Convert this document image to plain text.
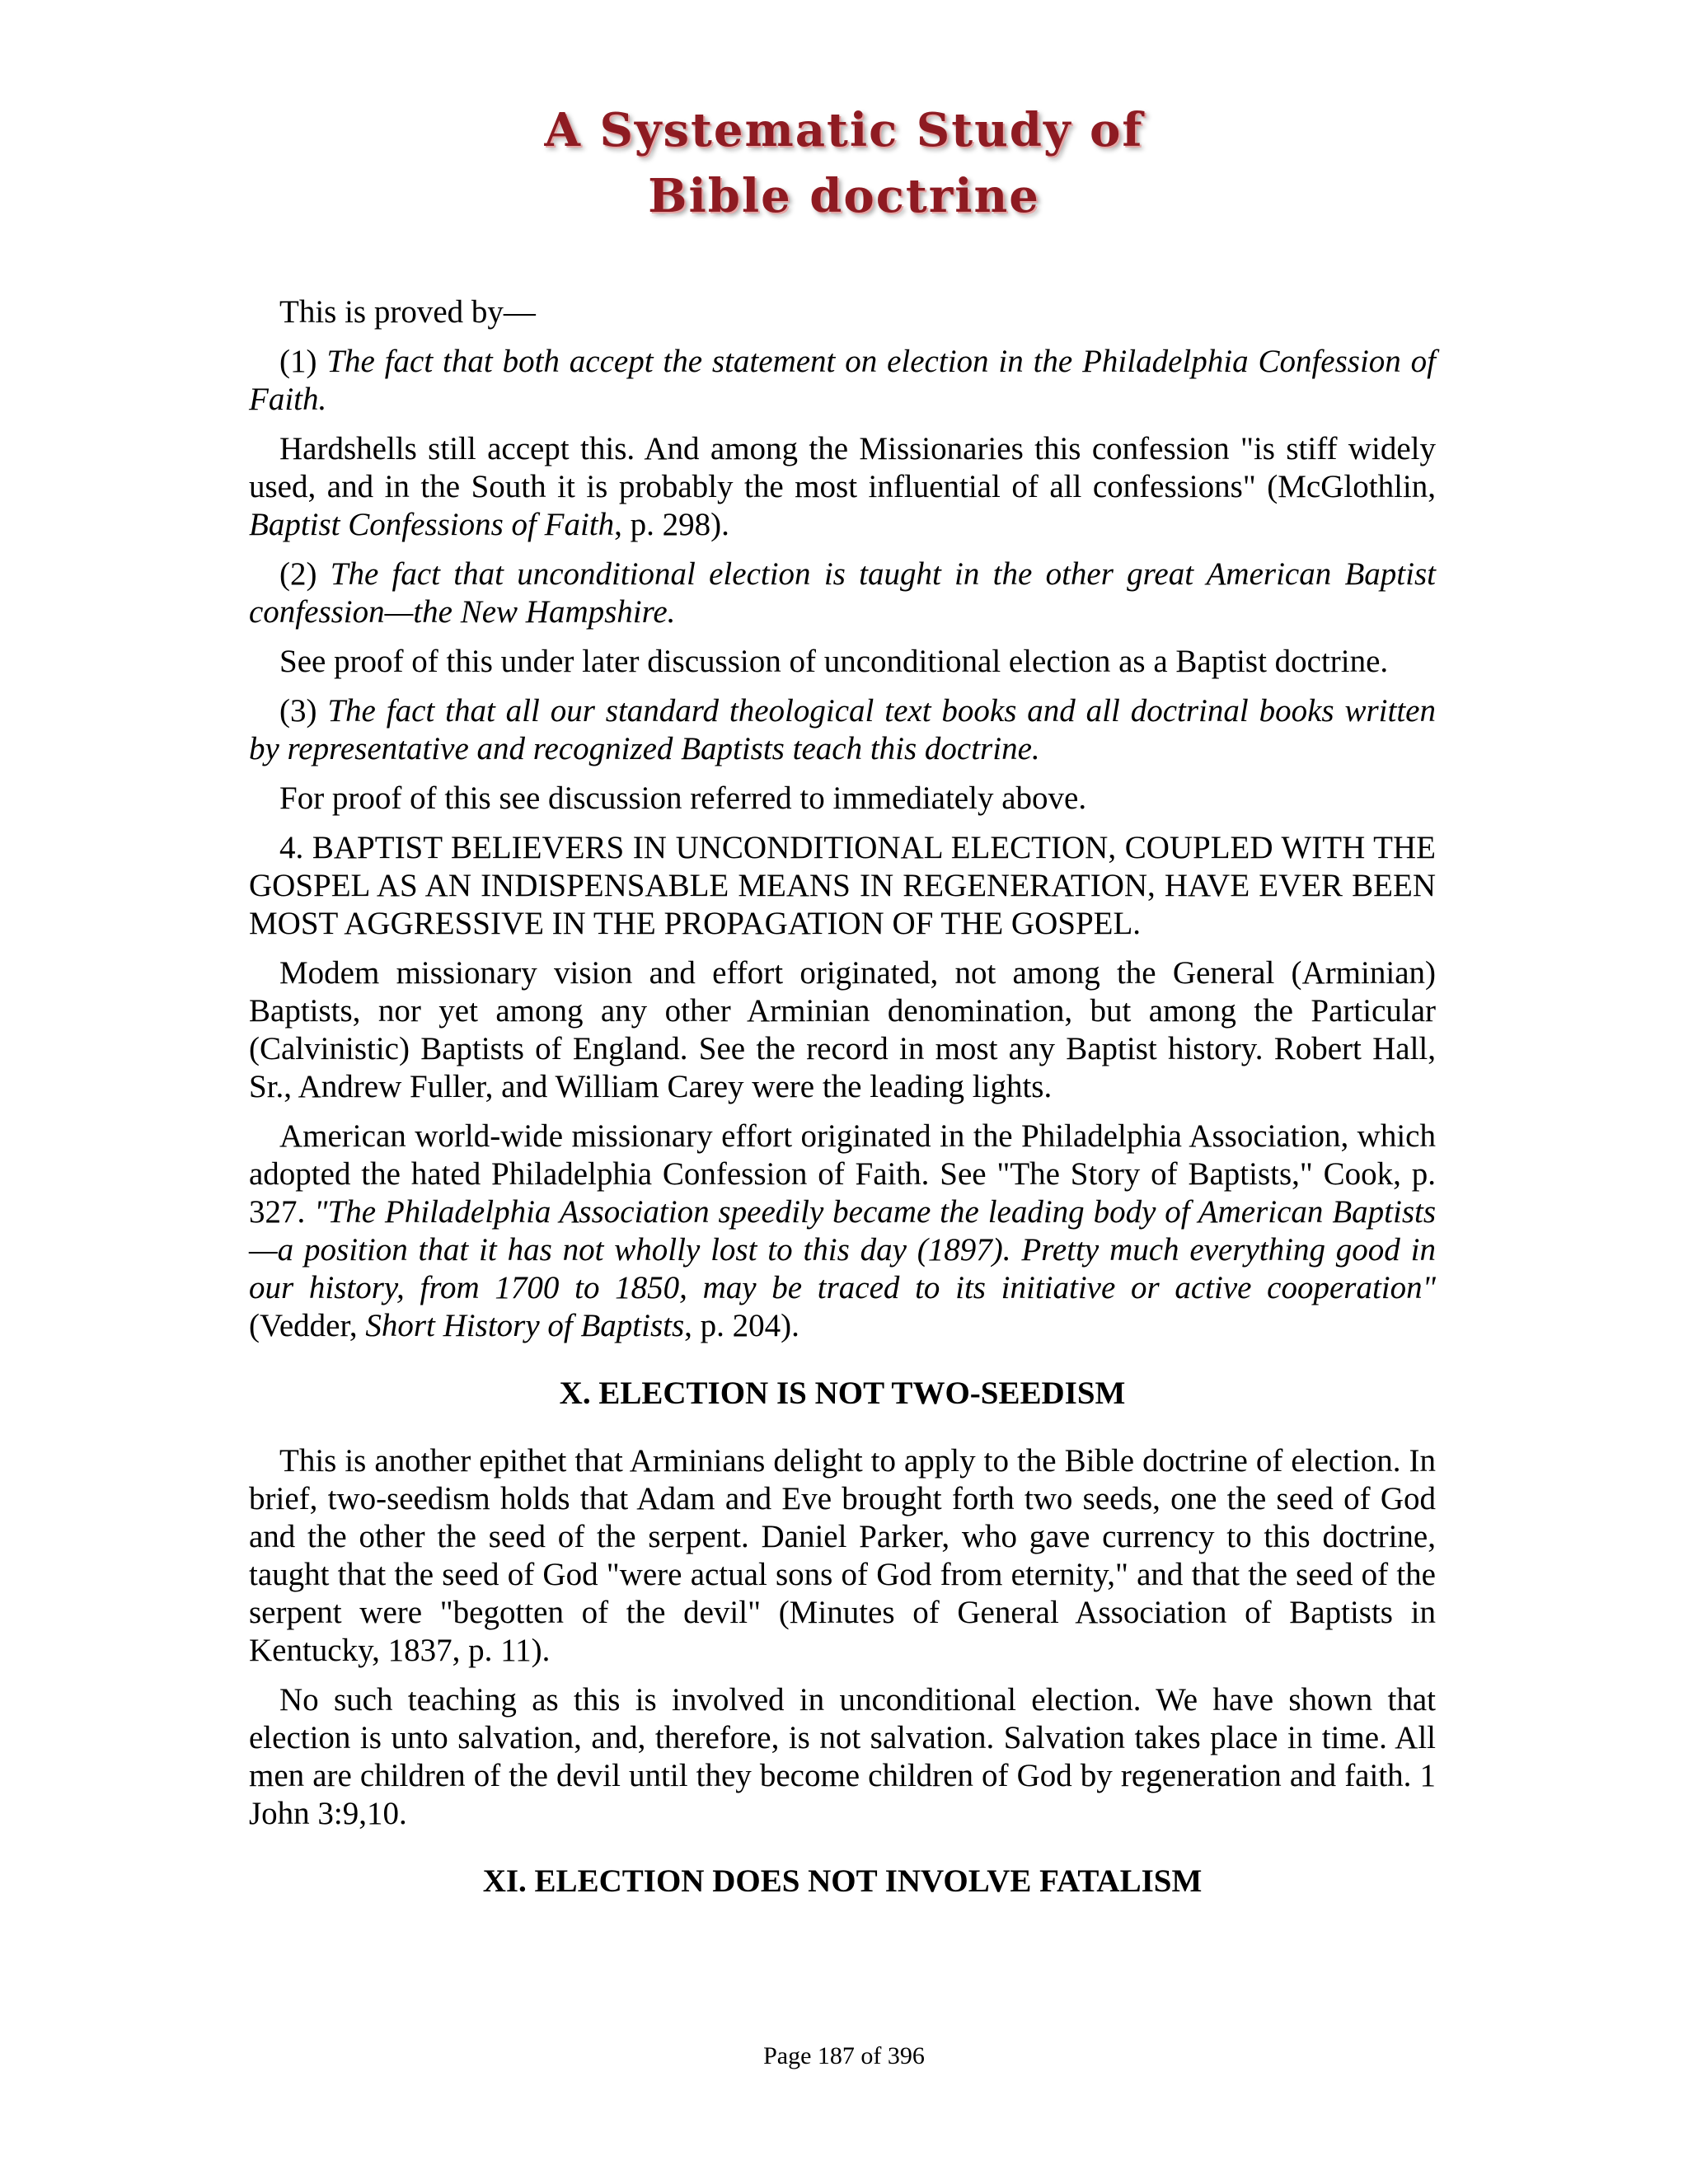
A Systematic Study of
Bible doctrine

This is proved by—

(1) The fact that both accept the statement on election in the Philadelphia Confession of Faith.

Hardshells still accept this. And among the Missionaries this confession "is stiff widely used, and in the South it is probably the most influential of all confessions" (McGlothlin, Baptist Confessions of Faith, p. 298).

(2) The fact that unconditional election is taught in the other great American Baptist confession—the New Hampshire.

See proof of this under later discussion of unconditional election as a Baptist doctrine.

(3) The fact that all our standard theological text books and all doctrinal books written by representative and recognized Baptists teach this doctrine.

For proof of this see discussion referred to immediately above.

4. BAPTIST BELIEVERS IN UNCONDITIONAL ELECTION, COUPLED WITH THE GOSPEL AS AN INDISPENSABLE MEANS IN REGENERATION, HAVE EVER BEEN MOST AGGRESSIVE IN THE PROPAGATION OF THE GOSPEL.

Modem missionary vision and effort originated, not among the General (Arminian) Baptists, nor yet among any other Arminian denomination, but among the Particular (Calvinistic) Baptists of England. See the record in most any Baptist history. Robert Hall, Sr., Andrew Fuller, and William Carey were the leading lights.

American world-wide missionary effort originated in the Philadelphia Association, which adopted the hated Philadelphia Confession of Faith. See "The Story of Baptists," Cook, p. 327. "The Philadelphia Association speedily became the leading body of American Baptists—a position that it has not wholly lost to this day (1897). Pretty much everything good in our history, from 1700 to 1850, may be traced to its initiative or active cooperation" (Vedder, Short History of Baptists, p. 204).

X. ELECTION IS NOT TWO-SEEDISM

This is another epithet that Arminians delight to apply to the Bible doctrine of election. In brief, two-seedism holds that Adam and Eve brought forth two seeds, one the seed of God and the other the seed of the serpent. Daniel Parker, who gave currency to this doctrine, taught that the seed of God "were actual sons of God from eternity," and that the seed of the serpent were "begotten of the devil" (Minutes of General Association of Baptists in Kentucky, 1837, p. 11).

No such teaching as this is involved in unconditional election. We have shown that election is unto salvation, and, therefore, is not salvation. Salvation takes place in time. All men are children of the devil until they become children of God by regeneration and faith. 1 John 3:9,10.

XI. ELECTION DOES NOT INVOLVE FATALISM

Page 187 of 396
